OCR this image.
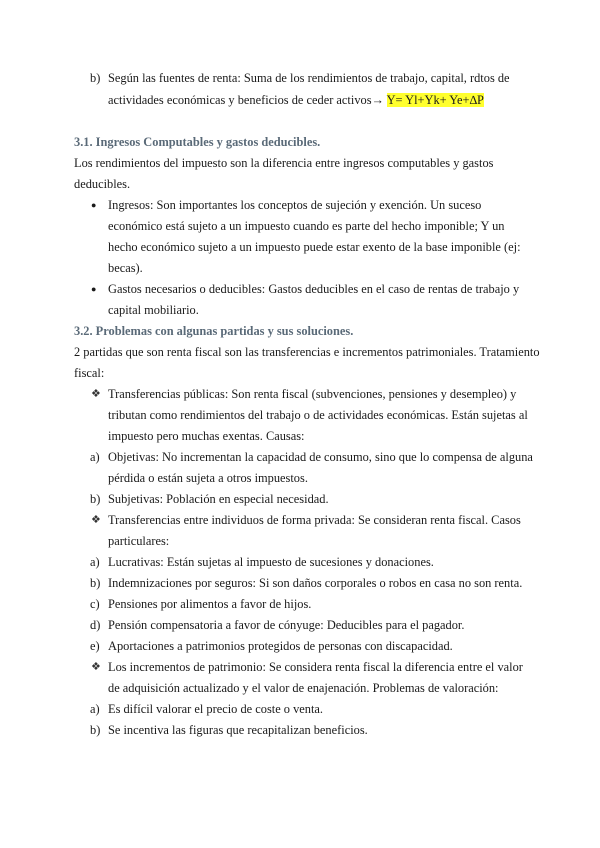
b) Según las fuentes de renta: Suma de los rendimientos de trabajo, capital, rdtos de
actividades económicas y beneficios de ceder activos→ Y= Yl+Yk+ Ye+∆P
3.1. Ingresos Computables y gastos deducibles.
Los rendimientos del impuesto son la diferencia entre ingresos computables y gastos
deducibles.
● Ingresos: Son importantes los conceptos de sujeción y exención. Un suceso
económico está sujeto a un impuesto cuando es parte del hecho imponible; Y un
hecho económico sujeto a un impuesto puede estar exento de la base imponible (ej:
becas).
● Gastos necesarios o deducibles: Gastos deducibles en el caso de rentas de trabajo y
capital mobiliario.
3.2. Problemas con algunas partidas y sus soluciones.
2 partidas que son renta fiscal son las transferencias e incrementos patrimoniales. Tratamiento
fiscal:
❖ Transferencias públicas: Son renta fiscal (subvenciones, pensiones y desempleo) y
tributan como rendimientos del trabajo o de actividades económicas. Están sujetas al
impuesto pero muchas exentas. Causas:
a) Objetivas: No incrementan la capacidad de consumo, sino que lo compensa de alguna
pérdida o están sujeta a otros impuestos.
b) Subjetivas: Población en especial necesidad.
❖ Transferencias entre individuos de forma privada: Se consideran renta fiscal. Casos
particulares:
a) Lucrativas: Están sujetas al impuesto de sucesiones y donaciones.
b) Indemnizaciones por seguros: Si son daños corporales o robos en casa no son renta.
c) Pensiones por alimentos a favor de hijos.
d) Pensión compensatoria a favor de cónyuge: Deducibles para el pagador.
e) Aportaciones a patrimonios protegidos de personas con discapacidad.
❖ Los incrementos de patrimonio: Se considera renta fiscal la diferencia entre el valor
de adquisición actualizado y el valor de enajenación. Problemas de valoración:
a) Es difícil valorar el precio de coste o venta.
b) Se incentiva las figuras que recapitalizan beneficios.
